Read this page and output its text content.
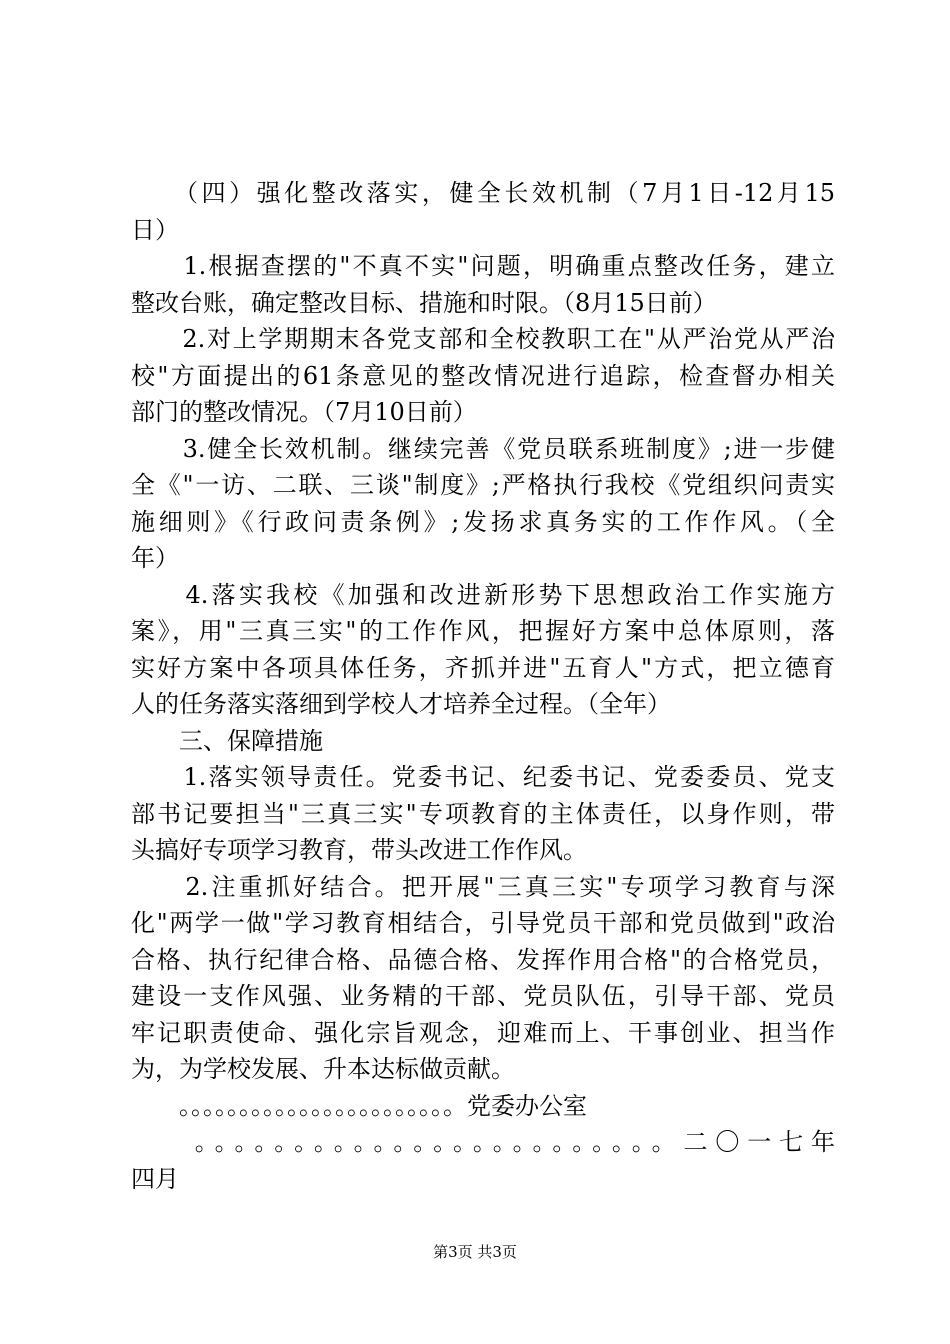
　　（四）强化整改落实，健全长效机制（7月1日-12月15
日）
　　1.根据查摆的"不真不实"问题，明确重点整改任务，建立
整改台账，确定整改目标、措施和时限。（8月15日前）
　　2.对上学期期末各党支部和全校教职工在"从严治党从严治
校"方面提出的61条意见的整改情况进行追踪，检查督办相关
部门的整改情况。（7月10日前）
　　3.健全长效机制。继续完善《党员联系班制度》;进一步健
全《"一访、二联、三谈"制度》;严格执行我校《党组织问责实
施细则》《行政问责条例》;发扬求真务实的工作作风。（全
年）
　　4.落实我校《加强和改进新形势下思想政治工作实施方
案》，用"三真三实"的工作作风，把握好方案中总体原则，落
实好方案中各项具体任务，齐抓并进"五育人"方式，把立德育
人的任务落实落细到学校人才培养全过程。（全年）
　　三、保障措施
　　1.落实领导责任。党委书记、纪委书记、党委委员、党支
部书记要担当"三真三实"专项教育的主体责任，以身作则，带
头搞好专项学习教育，带头改进工作作风。
　　2.注重抓好结合。把开展"三真三实"专项学习教育与深
化"两学一做"学习教育相结合，引导党员干部和党员做到"政治
合格、执行纪律合格、品德合格、发挥作用合格"的合格党员，
建设一支作风强、业务精的干部、党员队伍，引导干部、党员
牢记职责使命、强化宗旨观念，迎难而上、干事创业、担当作
为，为学校发展、升本达标做贡献。
　　。。。。。。。。。。。。。。。。。。。。。。。党委办公室
　　。。。。。。。。。。。。。。。。。。。。。。。。二〇一七年
四月
第3页 共3页
